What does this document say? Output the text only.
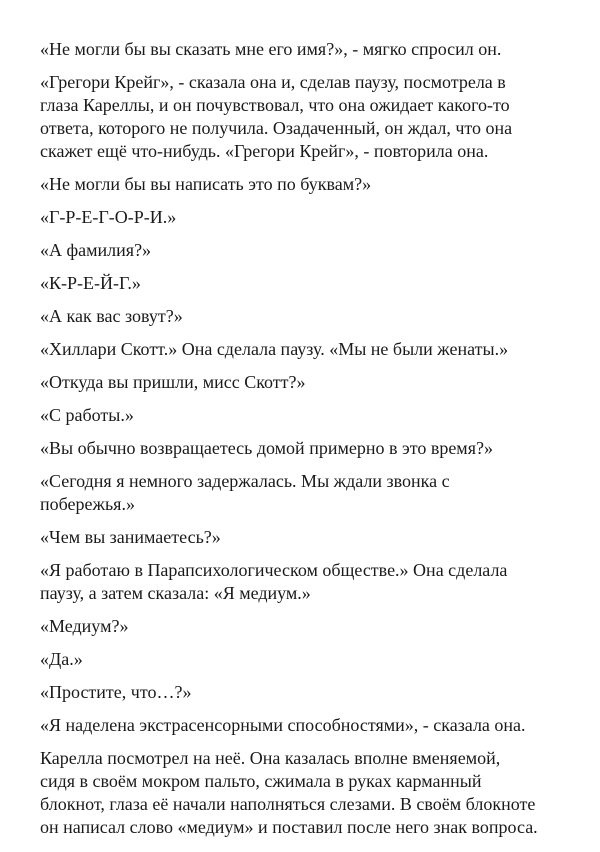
«Не могли бы вы сказать мне его имя?», - мягко спросил он.

«Грегори Крейг», - сказала она и, сделав паузу, посмотрела в
глаза Кареллы, и он почувствовал, что она ожидает какого-то
ответа, которого не получила. Озадаченный, он ждал, что она
скажет ещё что-нибудь. «Грегори Крейг», - повторила она.

«Не могли бы вы написать это по буквам?»

«Г-Р-Е-Г-О-Р-И.»

«А фамилия?»

«К-Р-Е-Й-Г.»

«А как вас зовут?»

«Хиллари Скотт.» Она сделала паузу. «Мы не были женаты.»

«Откуда вы пришли, мисс Скотт?»

«С работы.»

«Вы обычно возвращаетесь домой примерно в это время?»

«Сегодня я немного задержалась. Мы ждали звонка с
побережья.»

«Чем вы занимаетесь?»

«Я работаю в Парапсихологическом обществе.» Она сделала
паузу, а затем сказала: «Я медиум.»

«Медиум?»

«Да.»

«Простите, что…?»

«Я наделена экстрасенсорными способностями», - сказала она.

Карелла посмотрел на неё. Она казалась вполне вменяемой,
сидя в своём мокром пальто, сжимала в руках карманный
блокнот, глаза её начали наполняться слезами. В своём блокноте
он написал слово «медиум» и поставил после него знак вопроса.
